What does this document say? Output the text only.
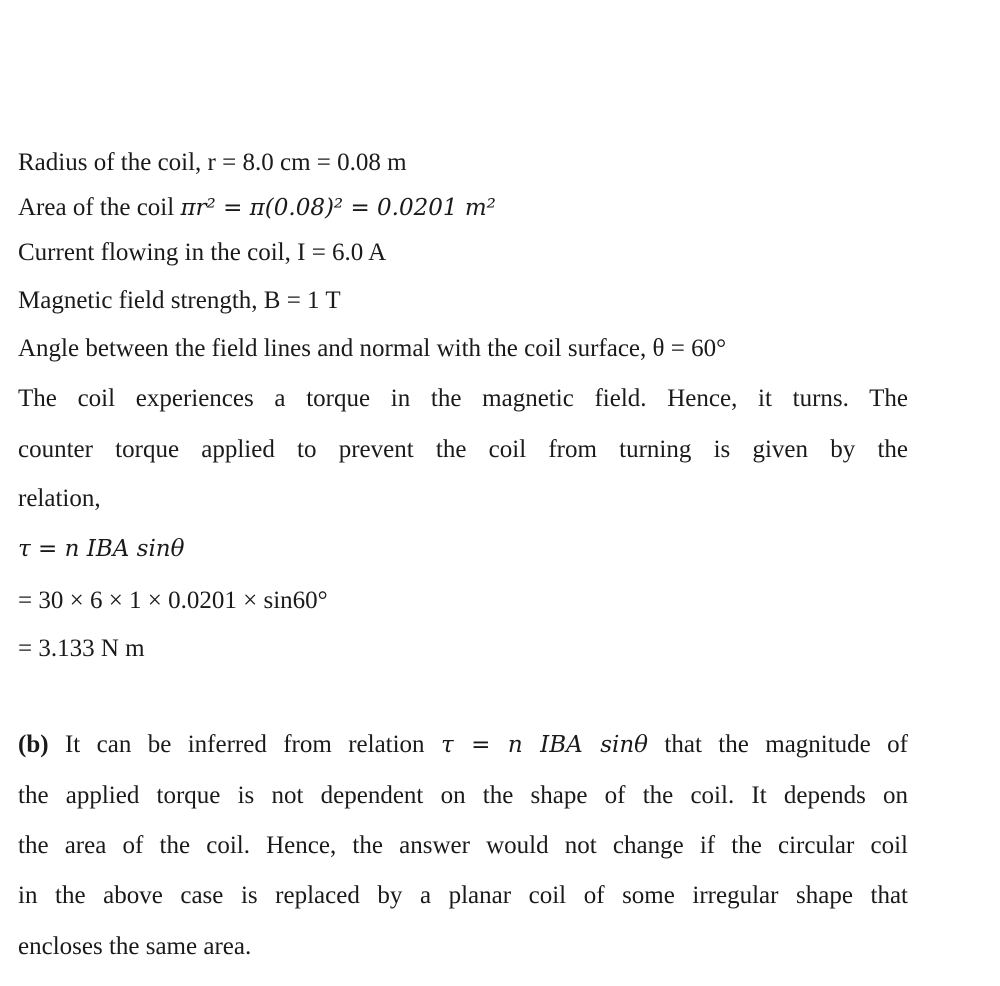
Radius of the coil, r = 8.0 cm = 0.08 m
Area of the coil πr² = π(0.08)² = 0.0201 m²
Current flowing in the coil, I = 6.0 A
Magnetic field strength, B = 1 T
Angle between the field lines and normal with the coil surface, θ = 60°
The coil experiences a torque in the magnetic field. Hence, it turns. The
counter torque applied to prevent the coil from turning is given by the
relation,
τ = n IBA sinθ
= 30 × 6 × 1 × 0.0201 × sin60°
= 3.133 N m
(b) It can be inferred from relation τ = n IBA sinθ that the magnitude of
the applied torque is not dependent on the shape of the coil. It depends on
the area of the coil. Hence, the answer would not change if the circular coil
in the above case is replaced by a planar coil of some irregular shape that
encloses the same area.
